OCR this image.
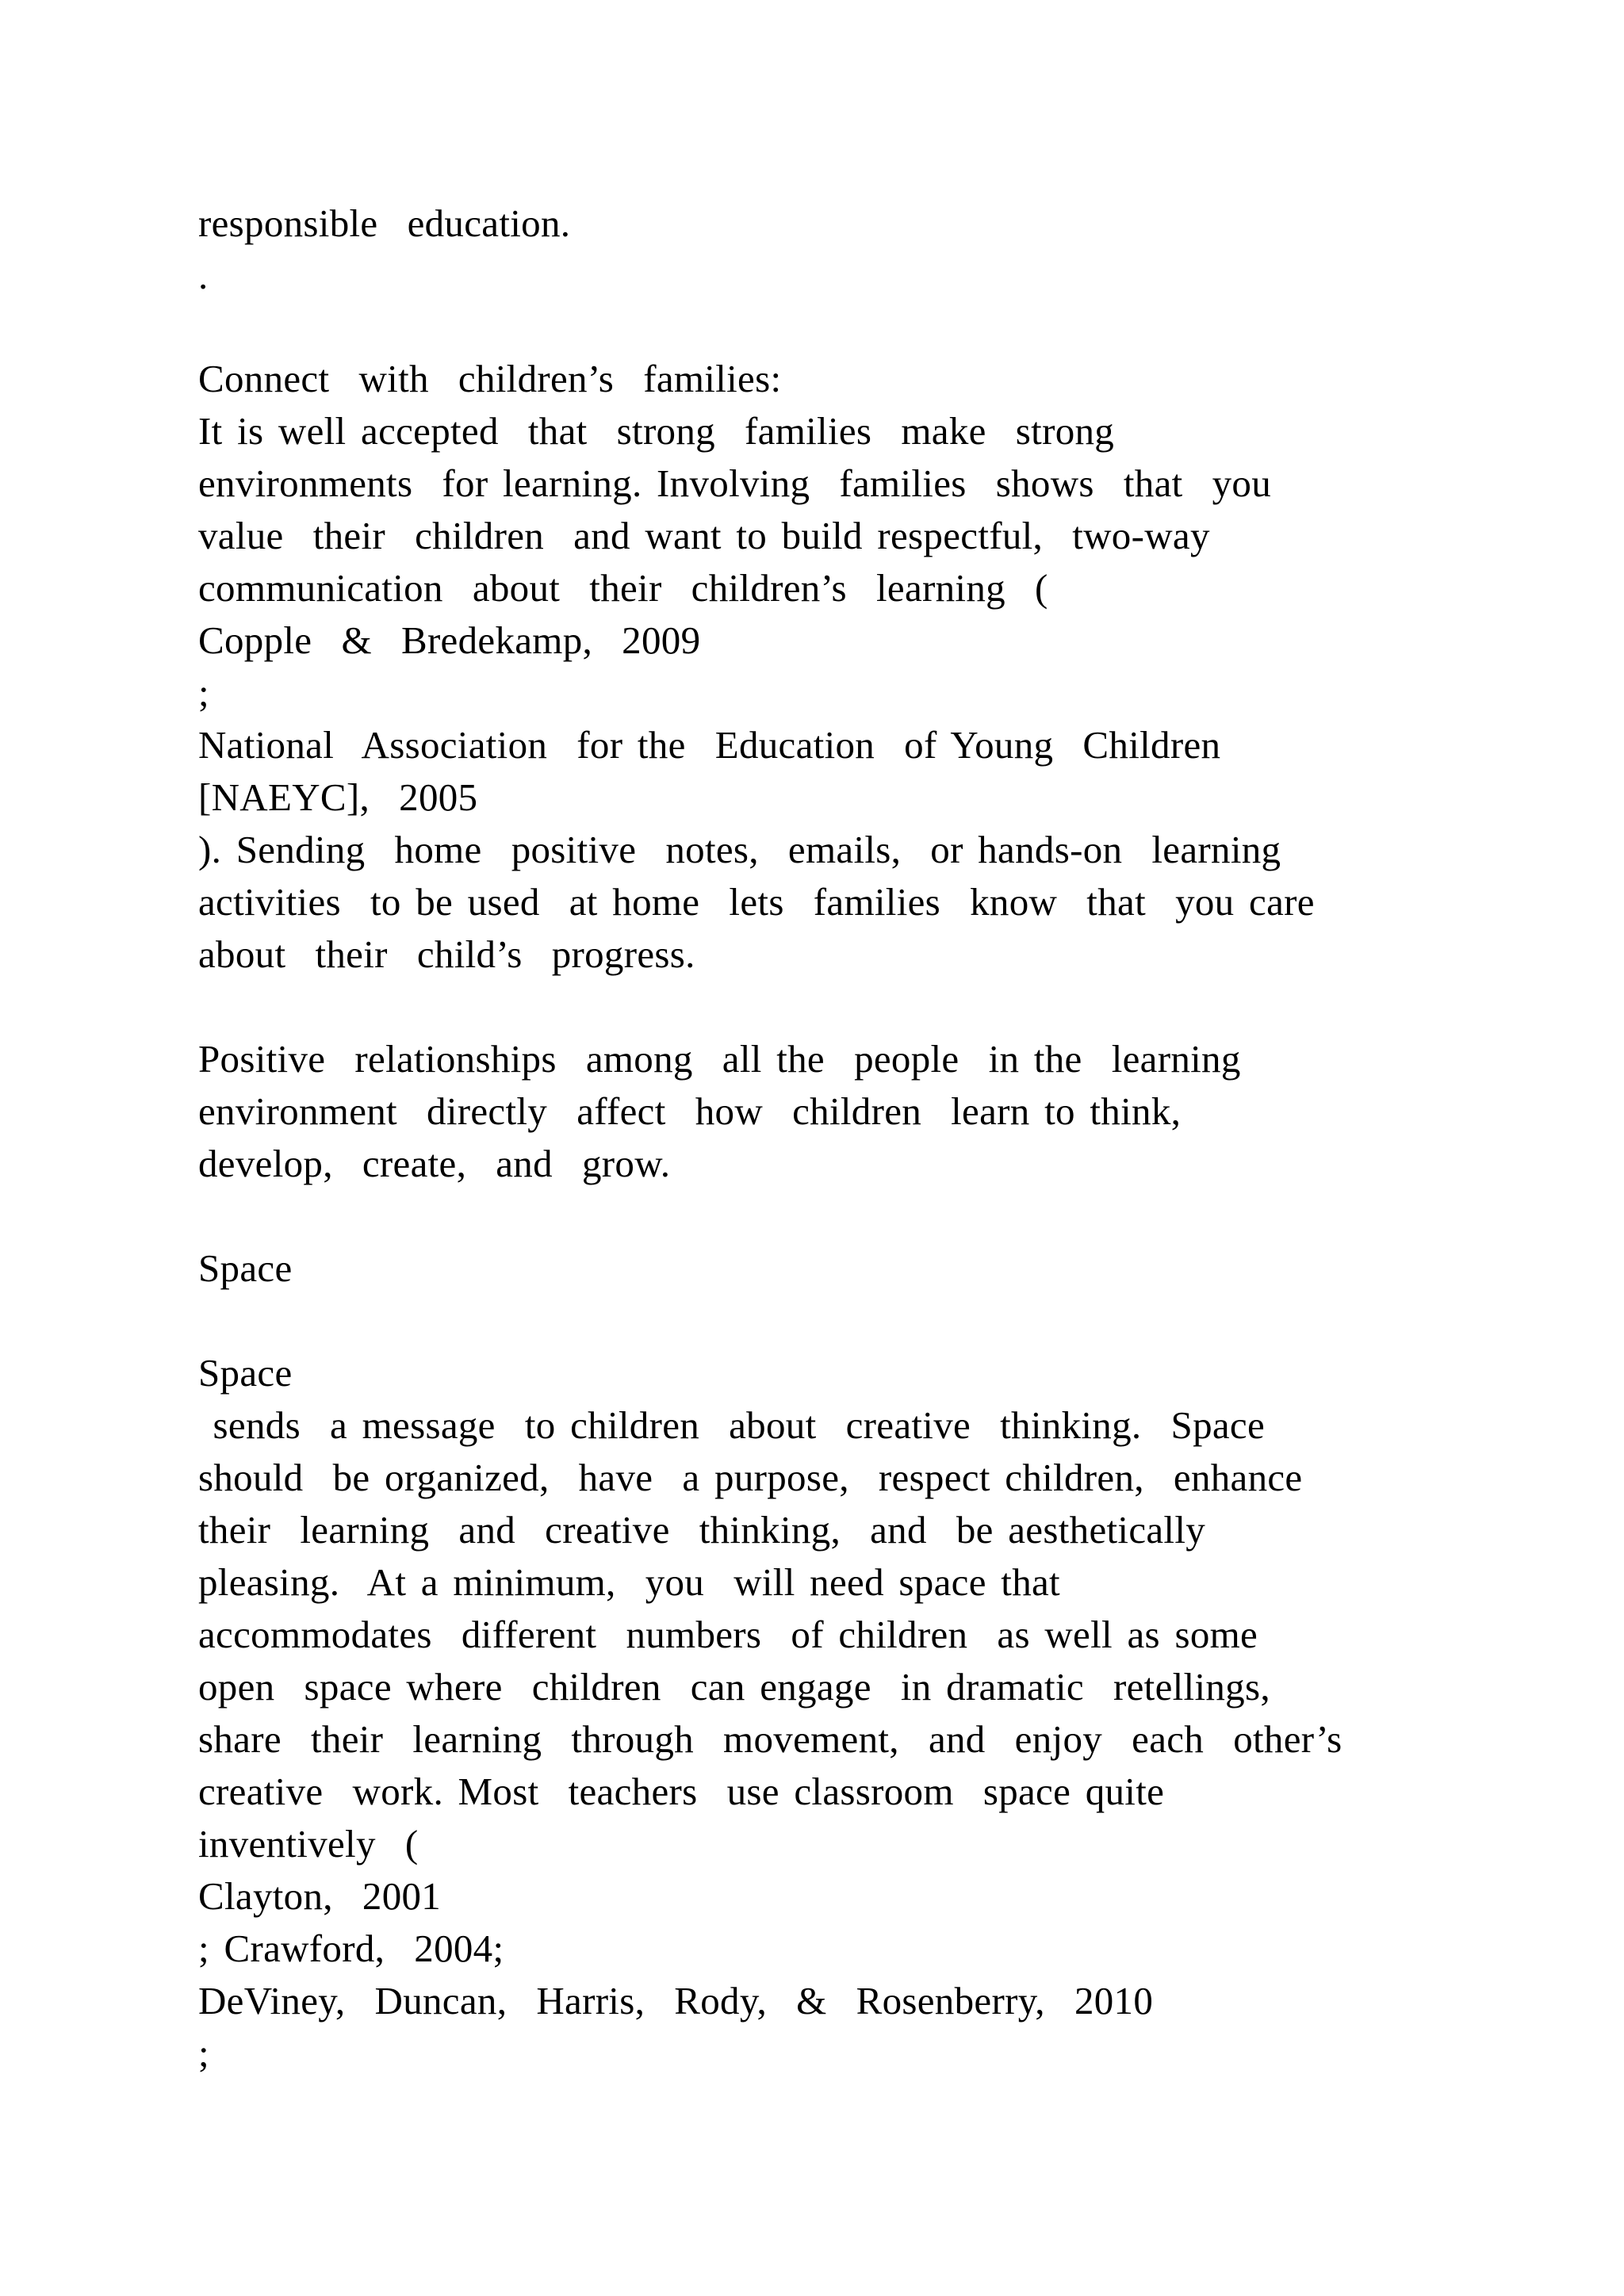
responsible  education.
.
Connect  with  children’s  families:
It is well accepted  that  strong  families  make  strong
environments  for learning. Involving  families  shows  that  you
value  their  children  and want to build respectful,  two-way
communication  about  their  children’s  learning  (
Copple  &  Bredekamp,  2009
;
National  Association  for the  Education  of Young  Children
[NAEYC],  2005
). Sending  home  positive  notes,  emails,  or hands-on  learning
activities  to be used  at home  lets  families  know  that  you care
about  their  child’s  progress.
Positive  relationships  among  all the  people  in the  learning
environment  directly  affect  how  children  learn to think,
develop,  create,  and  grow.
Space
Space
sends  a message  to children  about  creative  thinking.  Space
should  be organized,  have  a purpose,  respect children,  enhance
their  learning  and  creative  thinking,  and  be aesthetically
pleasing.  At a minimum,  you  will need space that
accommodates  different  numbers  of children  as well as some
open  space where  children  can engage  in dramatic  retellings,
share  their  learning  through  movement,  and  enjoy  each  other’s
creative  work. Most  teachers  use classroom  space quite
inventively  (
Clayton,  2001
; Crawford,  2004;
DeViney,  Duncan,  Harris,  Rody,  &  Rosenberry,  2010
;
